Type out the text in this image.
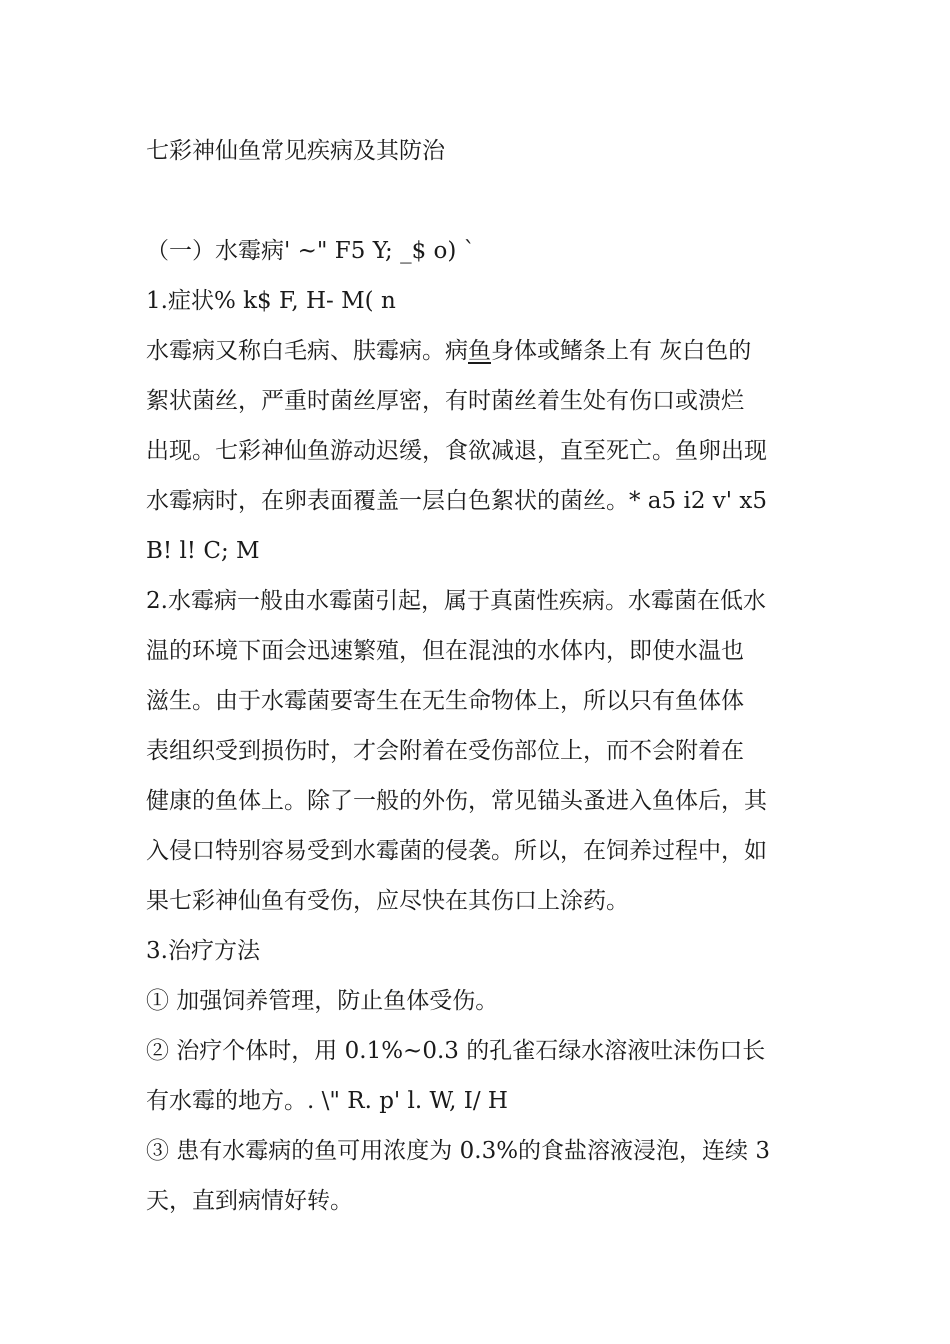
七彩神仙鱼常见疾病及其防治
（一）水霉病' ~" F5 Y; _$ o) `
1.症状% k$ F, H- M( n
水霉病又称白毛病、肤霉病。病鱼身体或鳍条上有 灰白色的
絮状菌丝，严重时菌丝厚密，有时菌丝着生处有伤口或溃烂
出现。七彩神仙鱼游动迟缓，食欲减退，直至死亡。鱼卵出现
水霉病时，在卵表面覆盖一层白色絮状的菌丝。* a5 i2 v' x5
B! l! C; M
2.水霉病一般由水霉菌引起，属于真菌性疾病。水霉菌在低水
温的环境下面会迅速繁殖，但在混浊的水体内，即使水温也
滋生。由于水霉菌要寄生在无生命物体上，所以只有鱼体体
表组织受到损伤时，才会附着在受伤部位上，而不会附着在
健康的鱼体上。除了一般的外伤，常见锚头蚤进入鱼体后，其
入侵口特别容易受到水霉菌的侵袭。所以，在饲养过程中，如
果七彩神仙鱼有受伤，应尽快在其伤口上涂药。
3.治疗方法
① 加强饲养管理，防止鱼体受伤。
② 治疗个体时，用 0.1%~0.3 的孔雀石绿水溶液吐沫伤口长
有水霉的地方。. \" R. p' l. W, I/ H
③ 患有水霉病的鱼可用浓度为 0.3%的食盐溶液浸泡，连续 3
天，直到病情好转。
